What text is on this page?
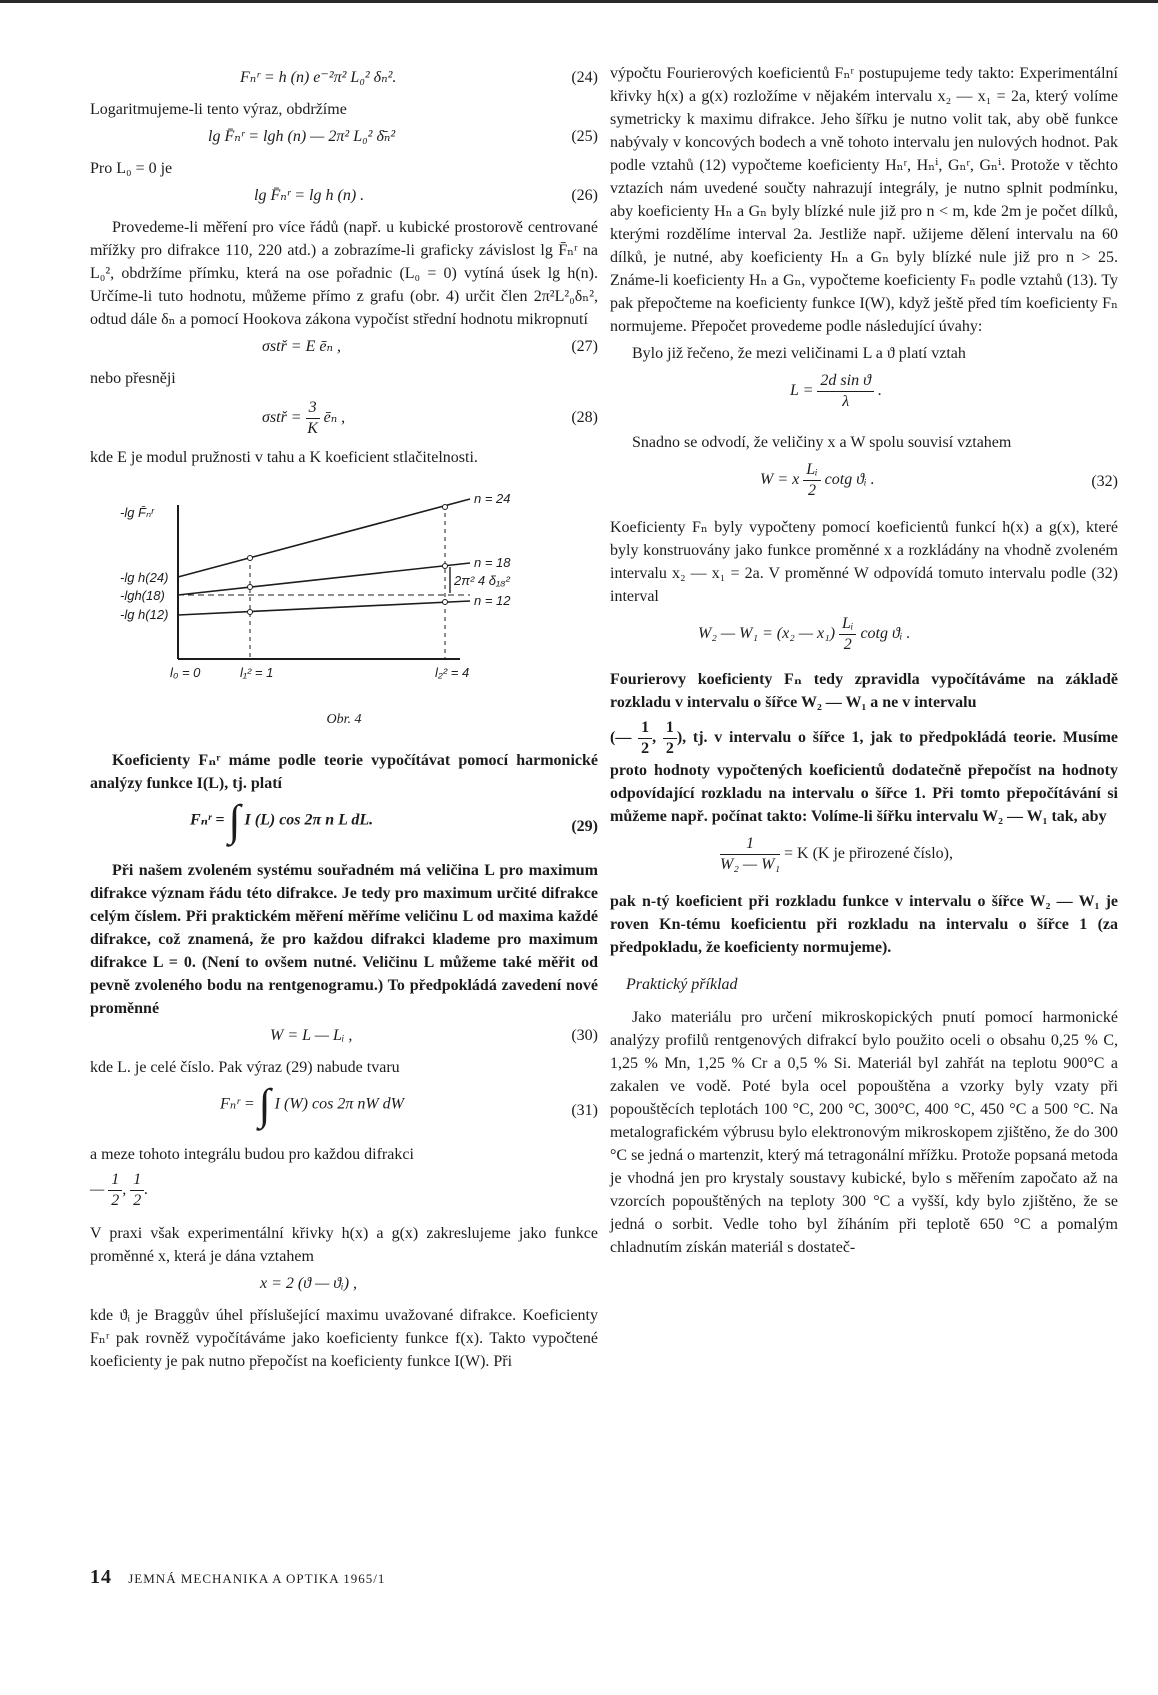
Fₙʳ = h (n) e⁻²π² L₀² δₙ².	(24)

Logaritmujeme-li tento výraz, obdržíme

lg F̄ₙʳ = lgh (n) — 2π² L₀² δ̄ₙ²	(25)

Pro L₀ = 0 je

lg F̄ₙʳ = lg h (n) .	(26)

Provedeme-li měření pro více řádů (např. u kubické prostorově centrované mřížky pro difrakce 110, 220 atd.) a zobrazíme-li graficky závislost lg F̄ₙʳ na L₀², obdržíme přímku, která na ose pořadnic (L₀ = 0) vytíná úsek lg h(n). Určíme-li tuto hodnotu, můžeme přímo z grafu (obr. 4) určit člen 2π²L²₀δₙ², odtud dále δₙ a pomocí Hookova zákona vypočíst střední hodnotu mikropnutí

σstř = E ēₙ ,	(27)

nebo přesněji

σstř = $\frac{3}{K}$ ēₙ ,	(28)

kde E je modul pružnosti v tahu a K koeficient stlačitelnosti.

-lg F̄ₙʳ
-lg h(24)
-lgh(18)
-lg h(12)
n = 24
n = 18
n = 12
2π² 4 δ₁₈²
l₀ = 0	l₁² = 1	l₂² = 4
Obr. 4

Koeficienty Fₙʳ máme podle teorie vypočítávat pomocí harmonické analýzy funkce I(L), tj. platí

Fₙʳ = ∫ I (L) cos 2π n L dL.	(29)

Při našem zvoleném systému souřadném má veličina L pro maximum difrakce význam řádu této difrakce. Je tedy pro maximum určité difrakce celým číslem. Při praktickém měření měříme veličinu L od maxima každé difrakce, což znamená, že pro každou difrakci klademe pro maximum difrakce L = 0. (Není to ovšem nutné. Veličinu L můžeme také měřit od pevně zvoleného bodu na rentgenogramu.) To předpokládá zavedení nové proměnné

W = L — Lᵢ ,	(30)

kde L. je celé číslo. Pak výraz (29) nabude tvaru

Fₙʳ = ∫ I (W) cos 2π nW dW	(31)

a meze tohoto integrálu budou pro každou difrakci

— $\frac{1}{2}$ , $\frac{1}{2}$ .

V praxi však experimentální křivky h(x) a g(x) zakreslujeme jako funkce proměnné x, která je dána vztahem

x = 2 (ϑ — ϑᵢ) ,

kde ϑᵢ je Braggův úhel příslušející maximu uvažované difrakce. Koeficienty Fₙʳ pak rovněž vypočítáváme jako koeficienty funkce f(x). Takto vypočtené koeficienty je pak nutno přepočíst na koeficienty funkce I(W). Při

výpočtu Fourierových koeficientů Fₙʳ postupujeme tedy takto: Experimentální křivky h(x) a g(x) rozložíme v nějakém intervalu x₂ — x₁ = 2a, který volíme symetricky k maximu difrakce. Jeho šířku je nutno volit tak, aby obě funkce nabývaly v koncových bodech a vně tohoto intervalu jen nulových hodnot. Pak podle vztahů (12) vypočteme koeficienty Hₙʳ, Hₙⁱ, Gₙʳ, Gₙⁱ. Protože v těchto vztazích nám uvedené součty nahrazují integrály, je nutno splnit podmínku, aby koeficienty Hₙ a Gₙ byly blízké nule již pro n < m, kde 2m je počet dílků, kterými rozdělíme interval 2a. Jestliže např. užijeme dělení intervalu na 60 dílků, je nutné, aby koeficienty Hₙ a Gₙ byly blízké nule již pro n > 25. Známe-li koeficienty Hₙ a Gₙ, vypočteme koeficienty Fₙ podle vztahů (13). Ty pak přepočteme na koeficienty funkce I(W), když ještě před tím koeficienty Fₙ normujeme. Přepočet provedeme podle následující úvahy:

Bylo již řečeno, že mezi veličinami L a ϑ platí vztah

$L = \frac{\text{2d sin ϑ}}{\lambda}$ .

Snadno se odvodí, že veličiny x a W spolu souvisí vztahem

W = x $\frac{\text{Lᵢ}}{2}$ cotg ϑᵢ .	(32)

Koeficienty Fₙ byly vypočteny pomocí koeficientů funkcí h(x) a g(x), které byly konstruovány jako funkce proměnné x a rozkládány na vhodně zvoleném intervalu x₂ — x₁ = 2a. V proměnné W odpovídá tomuto intervalu podle (32) interval

W₂ — W₁ = (x₂ — $x_1) \frac{\text{Lᵢ}}{2}$ cotg ϑᵢ .

Fourierovy koeficienty Fₙ tedy zpravidla vypočítáváme na základě rozkladu v intervalu o šířce W₂ — W₁ a ne v intervalu

(— $\frac{1}{2}$ , $\frac{1}{2}$ ), tj. v intervalu o šířce 1, jak to předpokládá teorie. Musíme proto hodnoty vypočtených koeficientů dodatečně přepočíst na hodnoty odpovídající rozkladu na intervalu o šířce 1. Při tomto přepočítávání si můžeme např. počínat takto: Volíme-li šířku intervalu W₂ — W₁ tak, aby

$\frac{1}{\text{W₂ — W₁}} = K$ (K je přirozené číslo),

pak n-tý koeficient při rozkladu funkce v intervalu o šířce W₂ — W₁ je roven Kn-tému koeficientu při rozkladu na intervalu o šířce 1 (za předpokladu, že koeficienty normujeme).

Praktický příklad

Jako materiálu pro určení mikroskopických pnutí pomocí harmonické analýzy profilů rentgenových difrakcí bylo použito oceli o obsahu 0,25 % C, 1,25 % Mn, 1,25 % Cr a 0,5 % Si. Materiál byl zahřát na teplotu 900°C a zakalen ve vodě. Poté byla ocel popouštěna a vzorky byly vzaty při popouštěcích teplotách 100 °C, 200 °C, 300°C, 400 °C, 450 °C a 500 °C. Na metalografickém výbrusu bylo elektronovým mikroskopem zjištěno, že do 300 °C se jedná o martenzit, který má tetragonální mřížku. Protože popsaná metoda je vhodná jen pro krystaly soustavy kubické, bylo s měřením započato až na vzorcích popouštěných na teploty 300 °C a vyšší, kdy bylo zjištěno, že se jedná o sorbit. Vedle toho byl žíháním při teplotě 650 °C a pomalým chladnutím získán materiál s dostateč-

14 JEMNÁ MECHANIKA A OPTIKA 1965/1
